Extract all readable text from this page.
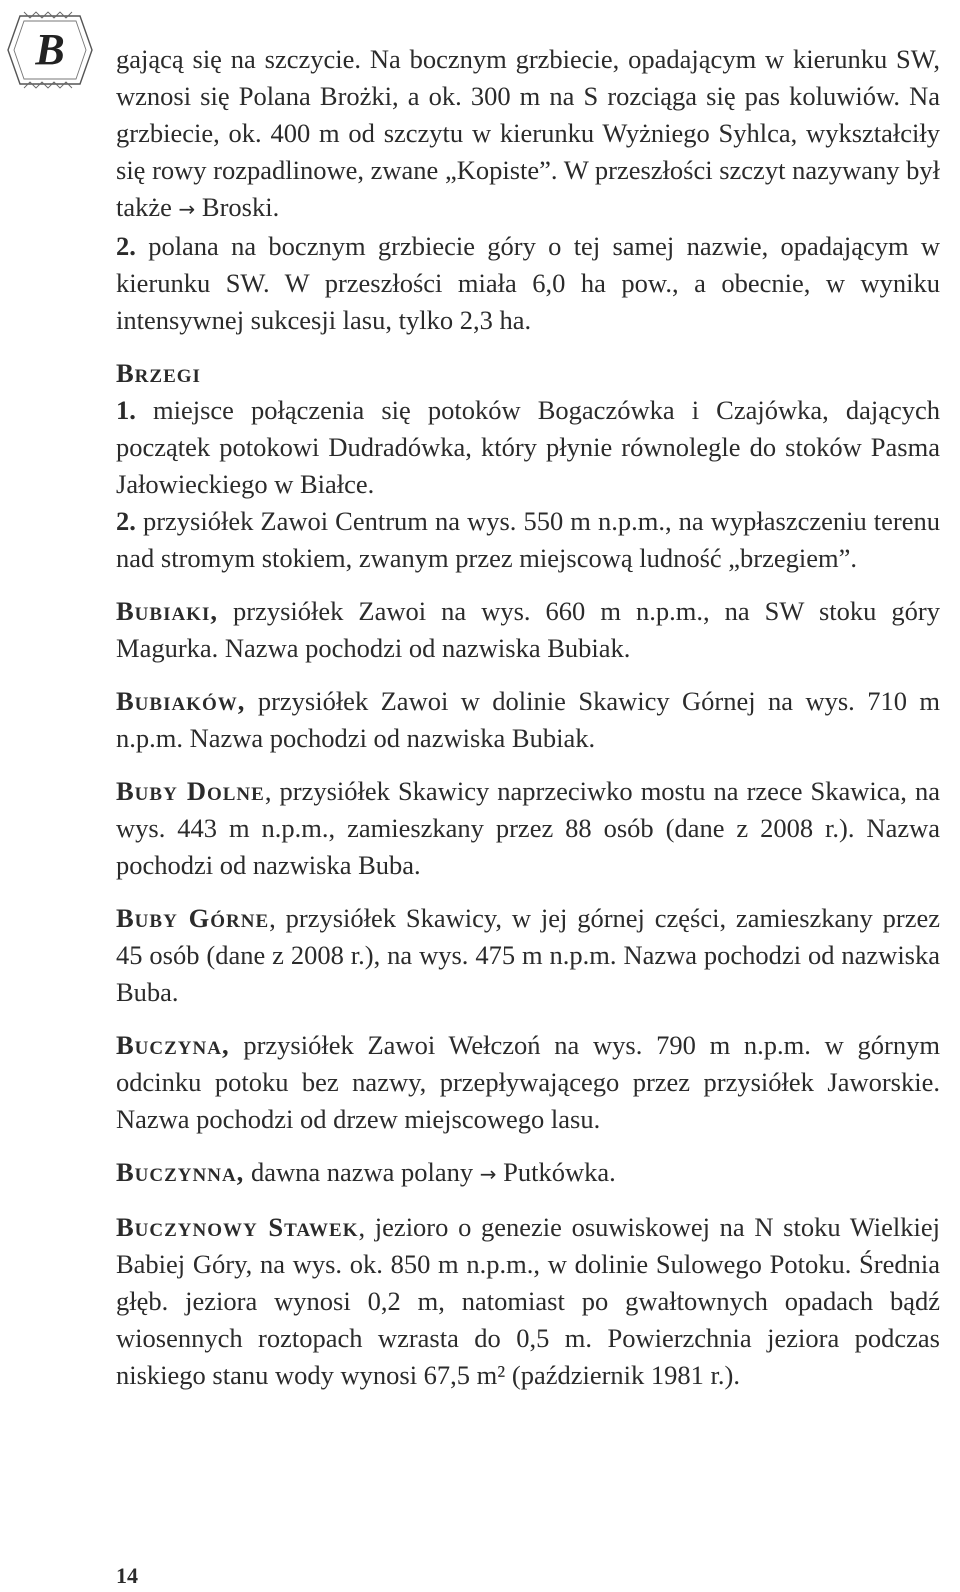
B gającą się na szczycie. Na bocznym grzbiecie, opadającym w kierunku SW, wznosi się Polana Brożki, a ok. 300 m na S rozciąga się pas koluwiów. Na grzbiecie, ok. 400 m od szczytu w kierunku Wyżniego Syhlca, wykształciły się rowy rozpadlinowe, zwane „Kopiste”. W przeszłości szczyt nazywany był także → Broski.

2. polana na bocznym grzbiecie góry o tej samej nazwie, opadającym w kierunku SW. W przeszłości miała 6,0 ha pow., a obecnie, w wyniku intensywnej sukcesji lasu, tylko 2,3 ha.

Brzegi

1. miejsce połączenia się potoków Bogaczówka i Czajówka, dających początek potokowi Dudradówka, który płynie równolegle do stoków Pasma Jałowieckiego w Białce.

2. przysiółek Zawoi Centrum na wys. 550 m n.p.m., na wypłaszczeniu terenu nad stromym stokiem, zwanym przez miejscową ludność „brzegiem”.

Bubiaki, przysiółek Zawoi na wys. 660 m n.p.m., na SW stoku góry Magurka. Nazwa pochodzi od nazwiska Bubiak.

Bubiaków, przysiółek Zawoi w dolinie Skawicy Górnej na wys. 710 m n.p.m. Nazwa pochodzi od nazwiska Bubiak.

Buby Dolne, przysiółek Skawicy naprzeciwko mostu na rzece Skawica, na wys. 443 m n.p.m., zamieszkany przez 88 osób (dane z 2008 r.). Nazwa pochodzi od nazwiska Buba.

Buby Górne, przysiółek Skawicy, w jej górnej części, zamieszkany przez 45 osób (dane z 2008 r.), na wys. 475 m n.p.m. Nazwa pochodzi od nazwiska Buba.

Buczyna, przysiółek Zawoi Wełczoń na wys. 790 m n.p.m. w górnym odcinku potoku bez nazwy, przepływającego przez przysiółek Jaworskie. Nazwa pochodzi od drzew miejscowego lasu.

Buczynna, dawna nazwa polany → Putkówka.

Buczynowy Stawek, jezioro o genezie osuwiskowej na N stoku Wielkiej Babiej Góry, na wys. ok. 850 m n.p.m., w dolinie Sulowego Potoku. Średnia głęb. jeziora wynosi 0,2 m, natomiast po gwałtownych opadach bądź wiosennych roztopach wzrasta do 0,5 m. Powierzchnia jeziora podczas niskiego stanu wody wynosi 67,5 m² (październik 1981 r.).

14
